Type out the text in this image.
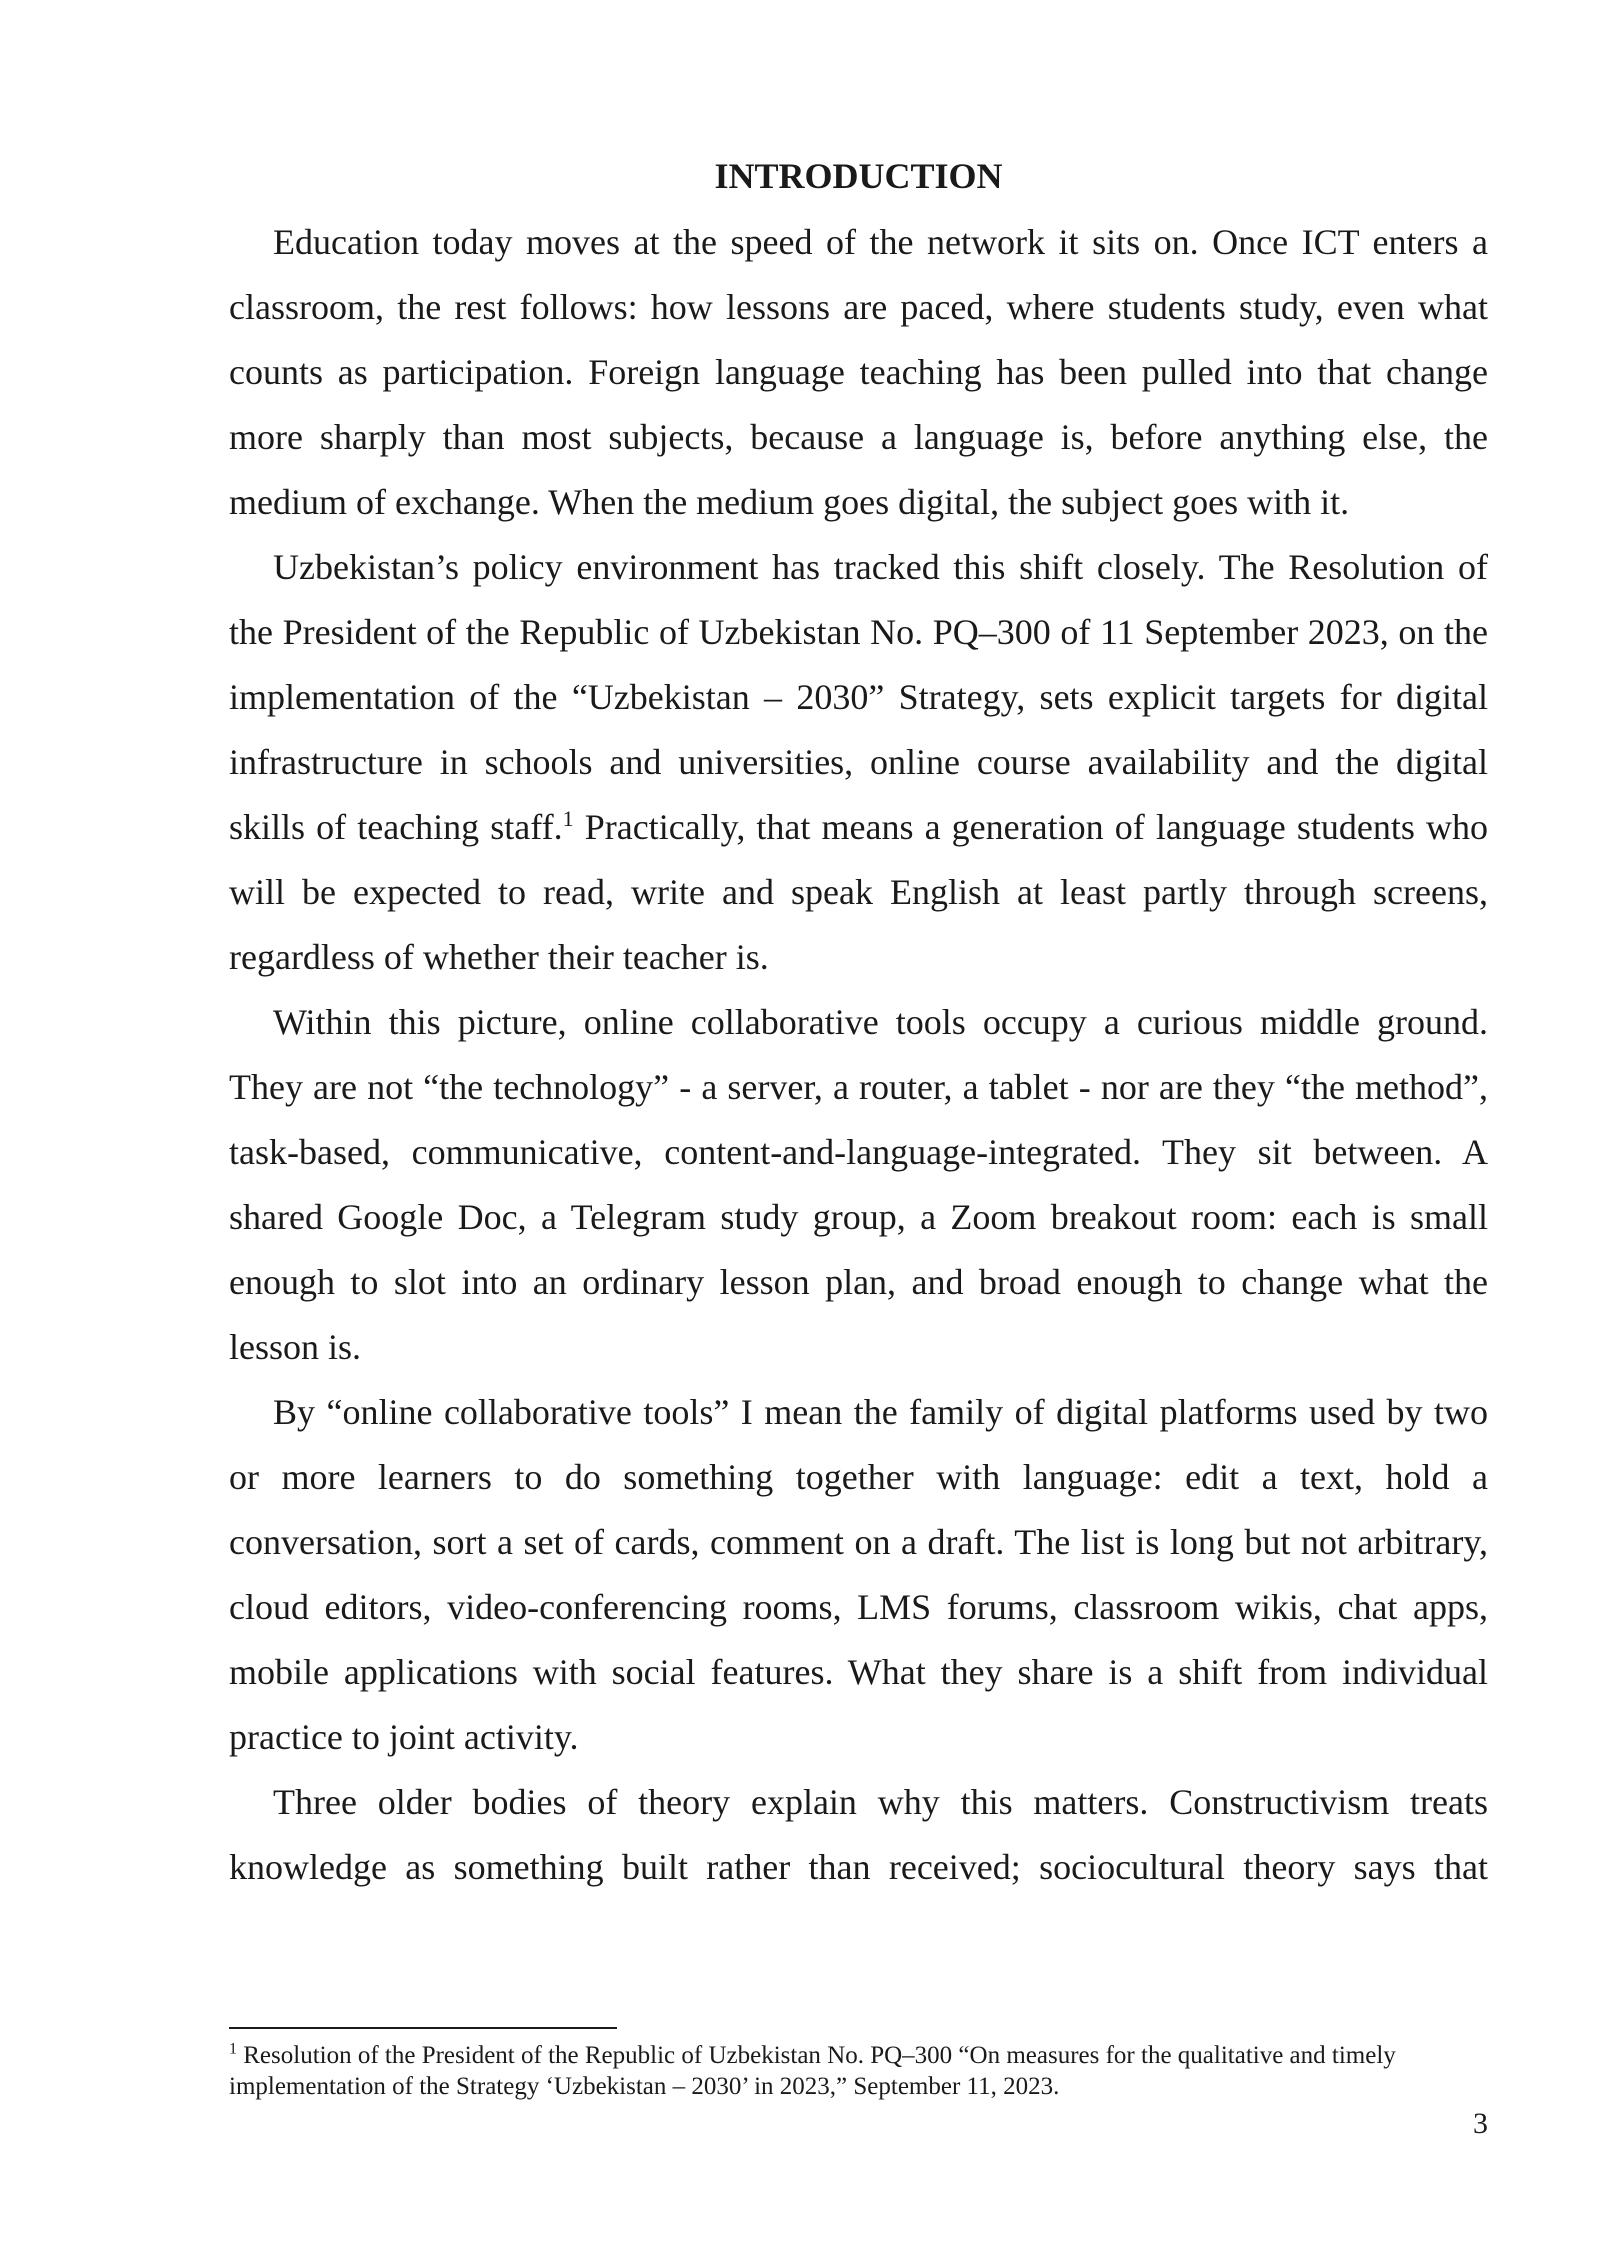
INTRODUCTION

Education today moves at the speed of the network it sits on. Once ICT enters a classroom, the rest follows: how lessons are paced, where students study, even what counts as participation. Foreign language teaching has been pulled into that change more sharply than most subjects, because a language is, before anything else, the medium of exchange. When the medium goes digital, the subject goes with it.

Uzbekistan’s policy environment has tracked this shift closely. The Resolution of the President of the Republic of Uzbekistan No. PQ–300 of 11 September 2023, on the implementation of the “Uzbekistan – 2030” Strategy, sets explicit targets for digital infrastructure in schools and universities, online course availability and the digital skills of teaching staff.$^1$ Practically, that means a generation of language students who will be expected to read, write and speak English at least partly through screens, regardless of whether their teacher is.

Within this picture, online collaborative tools occupy a curious middle ground. They are not “the technology” - a server, a router, a tablet - nor are they “the method”, task-based, communicative, content-and-language-integrated. They sit between. A shared Google Doc, a Telegram study group, a Zoom breakout room: each is small enough to slot into an ordinary lesson plan, and broad enough to change what the lesson is.

By “online collaborative tools” I mean the family of digital platforms used by two or more learners to do something together with language: edit a text, hold a conversation, sort a set of cards, comment on a draft. The list is long but not arbitrary, cloud editors, video-conferencing rooms, LMS forums, classroom wikis, chat apps, mobile applications with social features. What they share is a shift from individual practice to joint activity.

Three older bodies of theory explain why this matters. Constructivism treats knowledge as something built rather than received; sociocultural theory says that

$^1$ Resolution of the President of the Republic of Uzbekistan No. PQ–300 “On measures for the qualitative and timely implementation of the Strategy ‘Uzbekistan – 2030’ in 2023,” September 11, 2023.

3
